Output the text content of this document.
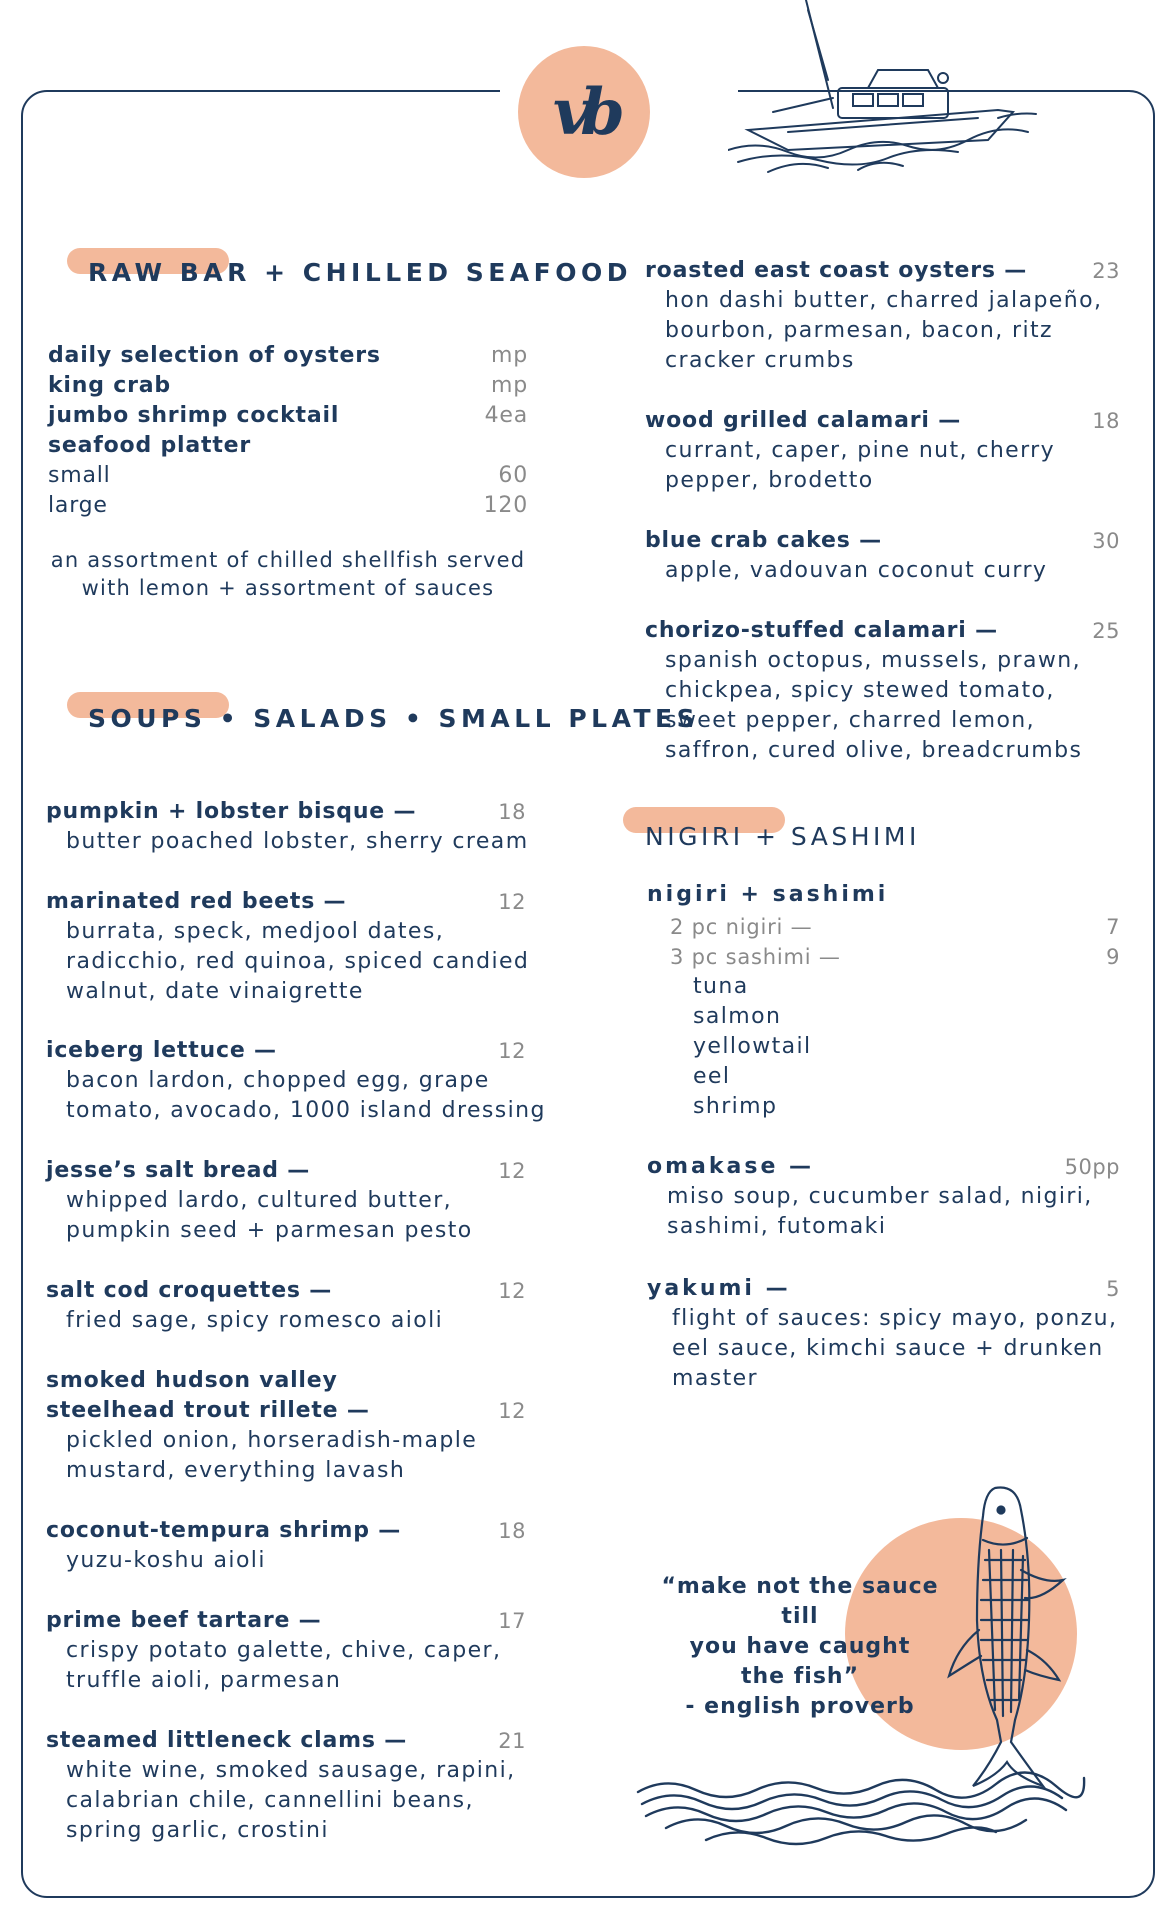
vb
RAW BAR + CHILLED SEAFOOD
daily selection of oysters	mp
king crab	mp
jumbo shrimp cocktail	4ea
seafood platter
small	60
large	120
an assortment of chilled shellfish served with lemon + assortment of sauces
SOUPS • SALADS • SMALL PLATES
pumpkin + lobster bisque —
butter poached lobster, sherry cream
18
marinated red beets —
burrata, speck, medjool dates, radicchio, red quinoa, spiced candied walnut, date vinaigrette
12
iceberg lettuce —
bacon lardon, chopped egg, grape tomato, avocado, 1000 island dressing
12
jesse’s salt bread —
whipped lardo, cultured butter, pumpkin seed + parmesan pesto
12
salt cod croquettes —
fried sage, spicy romesco aioli
12
smoked hudson valley steelhead trout rillete —
pickled onion, horseradish-maple mustard, everything lavash
12
coconut-tempura shrimp —
yuzu-koshu aioli
18
prime beef tartare —
crispy potato galette, chive, caper, truffle aioli, parmesan
17
steamed littleneck clams —
white wine, smoked sausage, rapini, calabrian chile, cannellini beans, spring garlic, crostini
21
roasted east coast oysters —
hon dashi butter, charred jalapeño, bourbon, parmesan, bacon, ritz cracker crumbs
23
wood grilled calamari —
currant, caper, pine nut, cherry pepper, brodetto
18
blue crab cakes —
apple, vadouvan coconut curry
30
chorizo-stuffed calamari —
spanish octopus, mussels, prawn, chickpea, spicy stewed tomato, sweet pepper, charred lemon, saffron, cured olive, breadcrumbs
25
NIGIRI + SASHIMI
nigiri + sashimi
2 pc nigiri —	7
3 pc sashimi —	9
tuna
salmon
yellowtail
eel
shrimp
omakase —
miso soup, cucumber salad, nigiri, sashimi, futomaki
50pp
yakumi —
flight of sauces: spicy mayo, ponzu, eel sauce, kimchi sauce + drunken master
5
“make not the sauce till
you have caught
the fish”
- english proverb
